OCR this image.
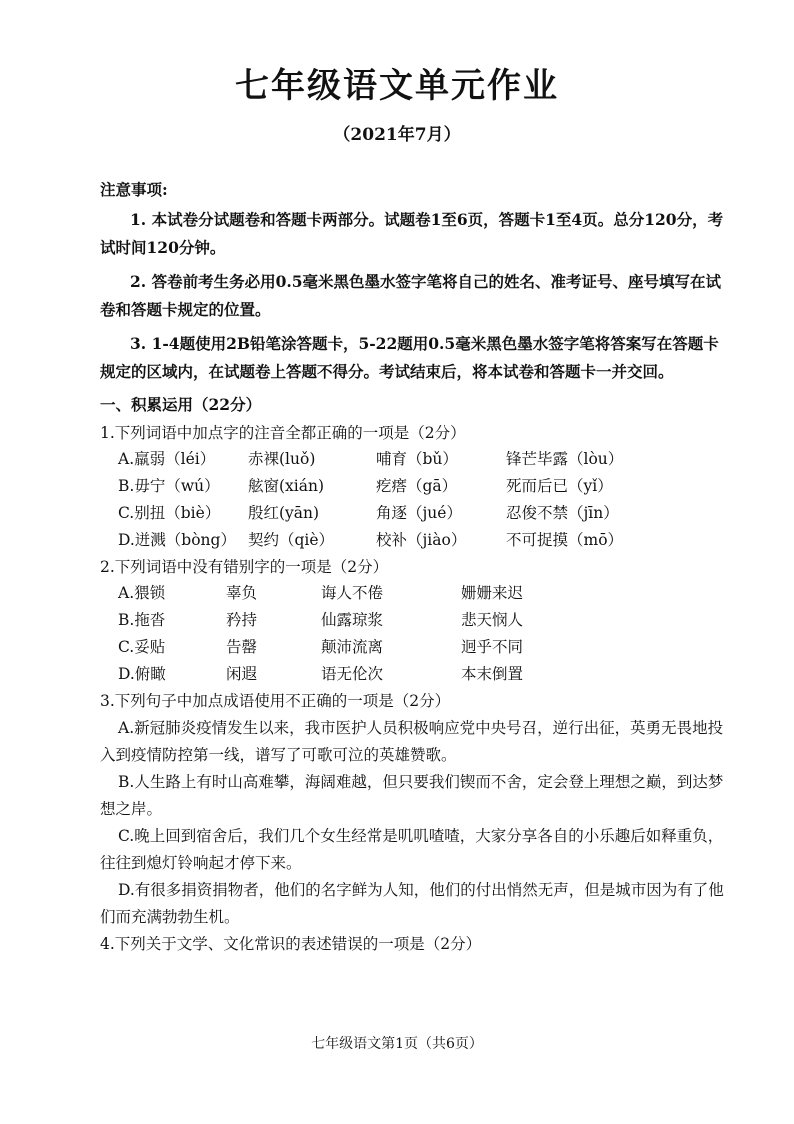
七年级语文单元作业
（2021年7月）
注意事项:

1. 本试卷分试题卷和答题卡两部分。试题卷1至6页，答题卡1至4页。总分120分，考试时间120分钟。

2. 答卷前考生务必用0.5毫米黑色墨水签字笔将自己的姓名、准考证号、座号填写在试卷和答题卡规定的位置。

3. 1-4题使用2B铅笔涂答题卡，5-22题用0.5毫米黑色墨水签字笔将答案写在答题卡规定的区域内，在试题卷上答题不得分。考试结束后，将本试卷和答题卡一并交回。

一、积累运用（22分）

1.下列词语中加点字的注音全都正确的一项是（2分）

A.羸弱（léi）	赤裸(luǒ)	哺育（bǔ）	锋芒毕露（lòu）
B.毋宁（wú）	舷窗(xián)	疙瘩（gā）	死而后已（yǐ）
C.别扭（biè）	殷红(yān)	角逐（jué）	忍俊不禁（jīn）
D.迸溅（bòng） 契约（qiè）	校补（jiào）	不可捉摸（mō）

2.下列词语中没有错别字的一项是（2分）

A.猥锁	辜负	诲人不倦	姗姗来迟
B.拖沓	矜持	仙露琼浆	悲天悯人
C.妥贴	告罄	颠沛流离	迥乎不同
D.俯瞰	闲遐	语无伦次	本末倒置

3.下列句子中加点成语使用不正确的一项是（2分）

A.新冠肺炎疫情发生以来，我市医护人员积极响应党中央号召，逆行出征，英勇无畏地投入到疫情防控第一线，谱写了可歌可泣的英雄赞歌。

B.人生路上有时山高难攀，海阔难越，但只要我们锲而不舍，定会登上理想之巅，到达梦想之岸。

C.晚上回到宿舍后，我们几个女生经常是叽叽喳喳，大家分享各自的小乐趣后如释重负，往往到熄灯铃响起才停下来。

D.有很多捐资捐物者，他们的名字鲜为人知，他们的付出悄然无声，但是城市因为有了他们而充满勃勃生机。

4.下列关于文学、文化常识的表述错误的一项是（2分）

七年级语文第1页（共6页）
